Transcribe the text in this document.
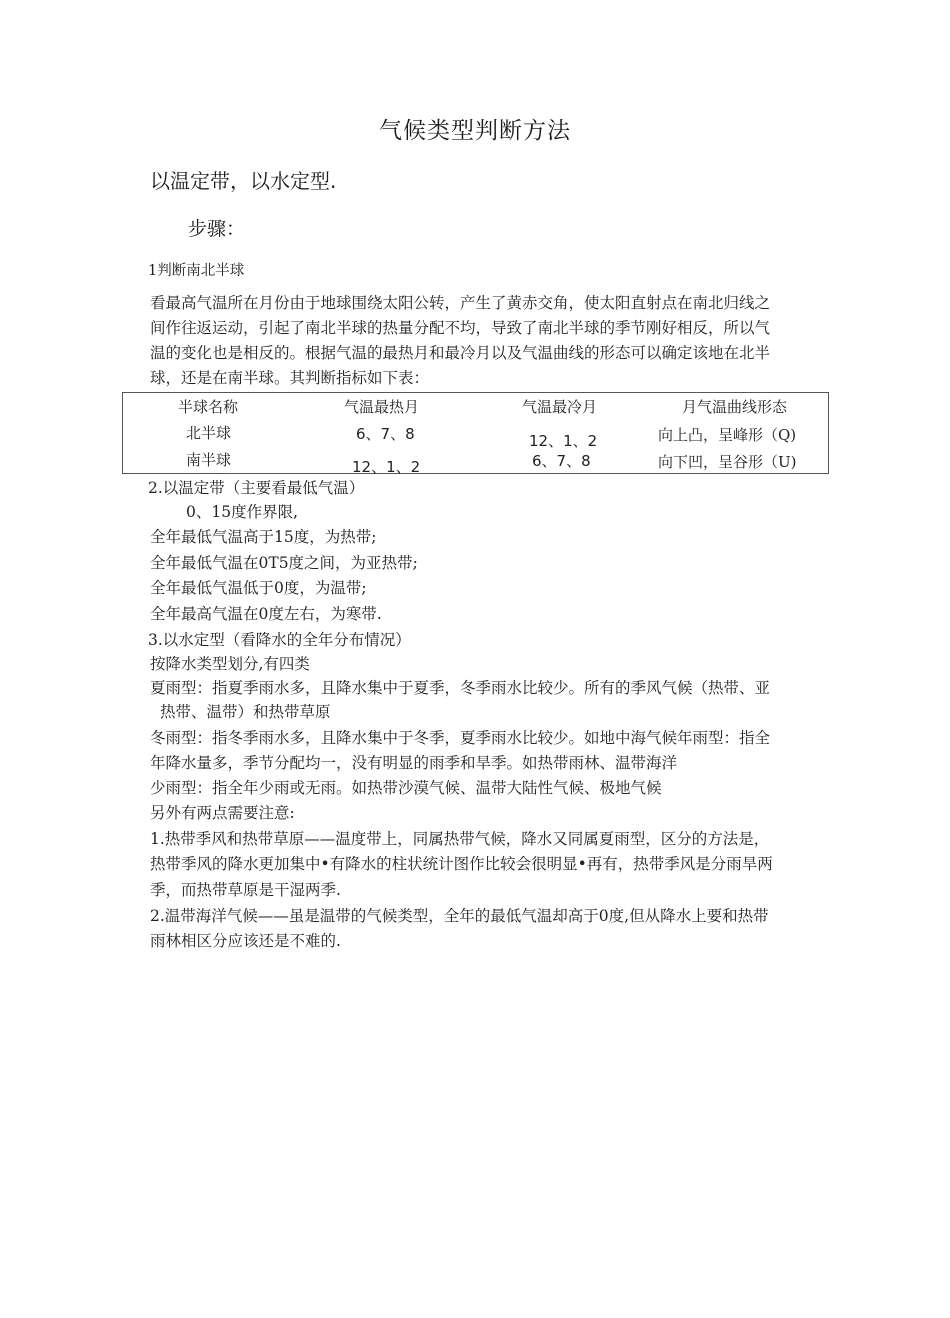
气候类型判断方法
以温定带，以水定型.
步骤：
1判断南北半球
看最高气温所在月份由于地球围绕太阳公转，产生了黄赤交角，使太阳直射点在南北归线之
间作往返运动，引起了南北半球的热量分配不均，导致了南北半球的季节刚好相反，所以气
温的变化也是相反的。根据气温的最热月和最冷月以及气温曲线的形态可以确定该地在北半
球，还是在南半球。其判断指标如下表：
半球名称	气温最热月	气温最冷月	月气温曲线形态
北半球	6、7、8	12、1、2	向上凸，呈峰形（Q)
南半球	12、1、2	6、7、8	向下凹，呈谷形（U)
2.以温定带（主要看最低气温）
0、15度作界限,
全年最低气温高于15度，为热带;
全年最低气温在0T5度之间，为亚热带;
全年最低气温低于0度，为温带;
全年最高气温在0度左右，为寒带.
3.以水定型（看降水的全年分布情况）
按降水类型划分,有四类
夏雨型：指夏季雨水多，且降水集中于夏季，冬季雨水比较少。所有的季风气候（热带、亚
热带、温带）和热带草原
冬雨型：指冬季雨水多，且降水集中于冬季，夏季雨水比较少。如地中海气候年雨型：指全
年降水量多，季节分配均一，没有明显的雨季和旱季。如热带雨林、温带海洋
少雨型：指全年少雨或无雨。如热带沙漠气候、温带大陆性气候、极地气候
另外有两点需要注意:
1.热带季风和热带草原——温度带上，同属热带气候，降水又同属夏雨型，区分的方法是，
热带季风的降水更加集中•有降水的柱状统计图作比较会很明显•再有，热带季风是分雨旱两
季，而热带草原是干湿两季.
2.温带海洋气候——虽是温带的气候类型，全年的最低气温却高于0度,但从降水上要和热带
雨林相区分应该还是不难的.
